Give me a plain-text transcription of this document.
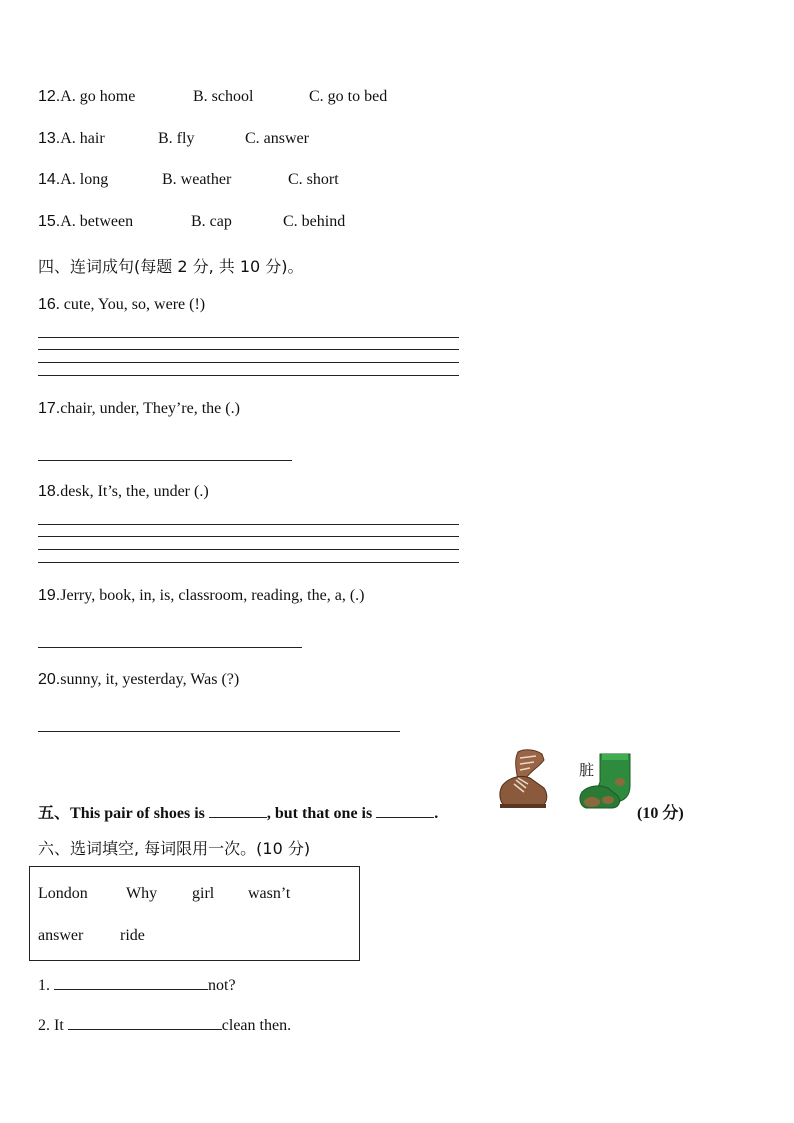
12.A. go home	B. school	C. go to bed
13.A. hair	B. fly	C. answer
14.A. long	B. weather	C. short
15.A. between	B. cap	C. behind
四、连词成句(每题 2 分, 共 10 分)。
16. cute, You, so, were (!)
17.chair, under, They’re, the (.)
18.desk, It’s, the, under (.)
19.Jerry, book, in, is, classroom, reading, the, a, (.)
20.sunny, it, yesterday, Was (?)
五、This pair of shoes is	, but that one is	.
脏
(10 分)
六、选词填空, 每词限用一次。(10 分)
London Why girl wasn’t
answer ride
1.	not?
2. It	clean then.
